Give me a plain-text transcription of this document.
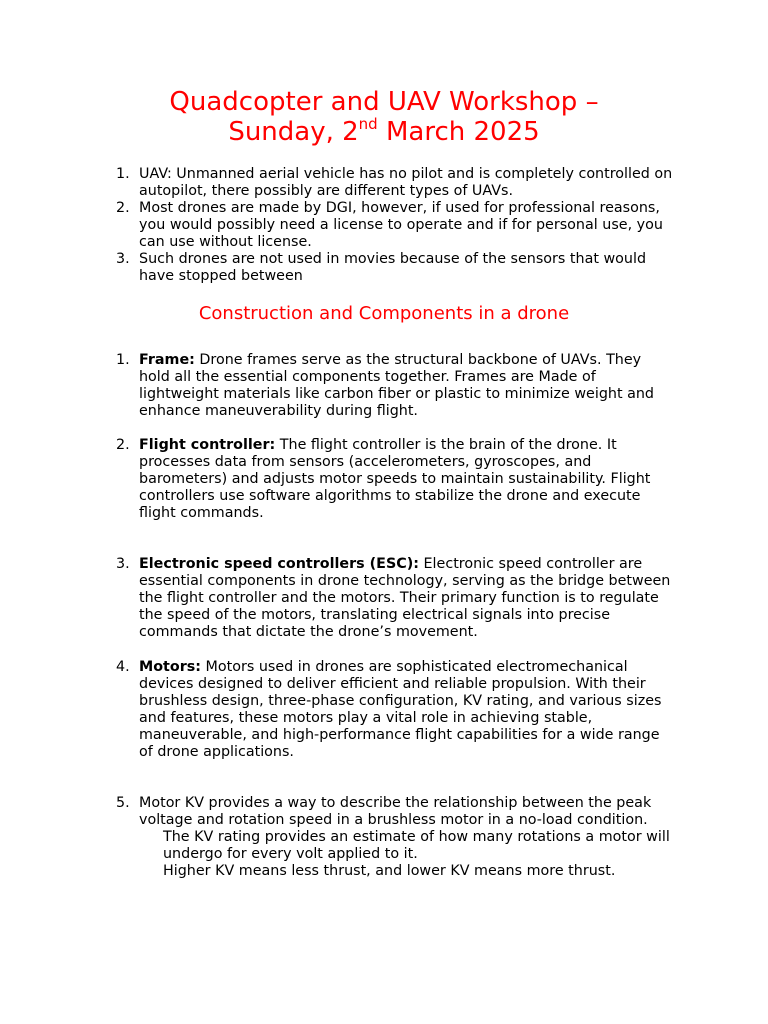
Quadcopter and UAV Workshop –
Sunday, 2nd March 2025
1. UAV: Unmanned aerial vehicle has no pilot and is completely controlled on autopilot, there possibly are different types of UAVs.
2. Most drones are made by DGI, however, if used for professional reasons, you would possibly need a license to operate and if for personal use, you can use without license.
3. Such drones are not used in movies because of the sensors that would have stopped between
Construction and Components in a drone
1. Frame: Drone frames serve as the structural backbone of UAVs. They hold all the essential components together. Frames are Made of lightweight materials like carbon fiber or plastic to minimize weight and enhance maneuverability during flight.
2. Flight controller: The flight controller is the brain of the drone. It processes data from sensors (accelerometers, gyroscopes, and barometers) and adjusts motor speeds to maintain sustainability. Flight controllers use software algorithms to stabilize the drone and execute flight commands.
3. Electronic speed controllers (ESC): Electronic speed controller are essential components in drone technology, serving as the bridge between the flight controller and the motors. Their primary function is to regulate the speed of the motors, translating electrical signals into precise commands that dictate the drone’s movement.
4. Motors: Motors used in drones are sophisticated electromechanical devices designed to deliver efficient and reliable propulsion. With their brushless design, three-phase configuration, KV rating, and various sizes and features, these motors play a vital role in achieving stable, maneuverable, and high-performance flight capabilities for a wide range of drone applications.
5. Motor KV provides a way to describe the relationship between the peak voltage and rotation speed in a brushless motor in a no-load condition.
The KV rating provides an estimate of how many rotations a motor will undergo for every volt applied to it.
Higher KV means less thrust, and lower KV means more thrust.
